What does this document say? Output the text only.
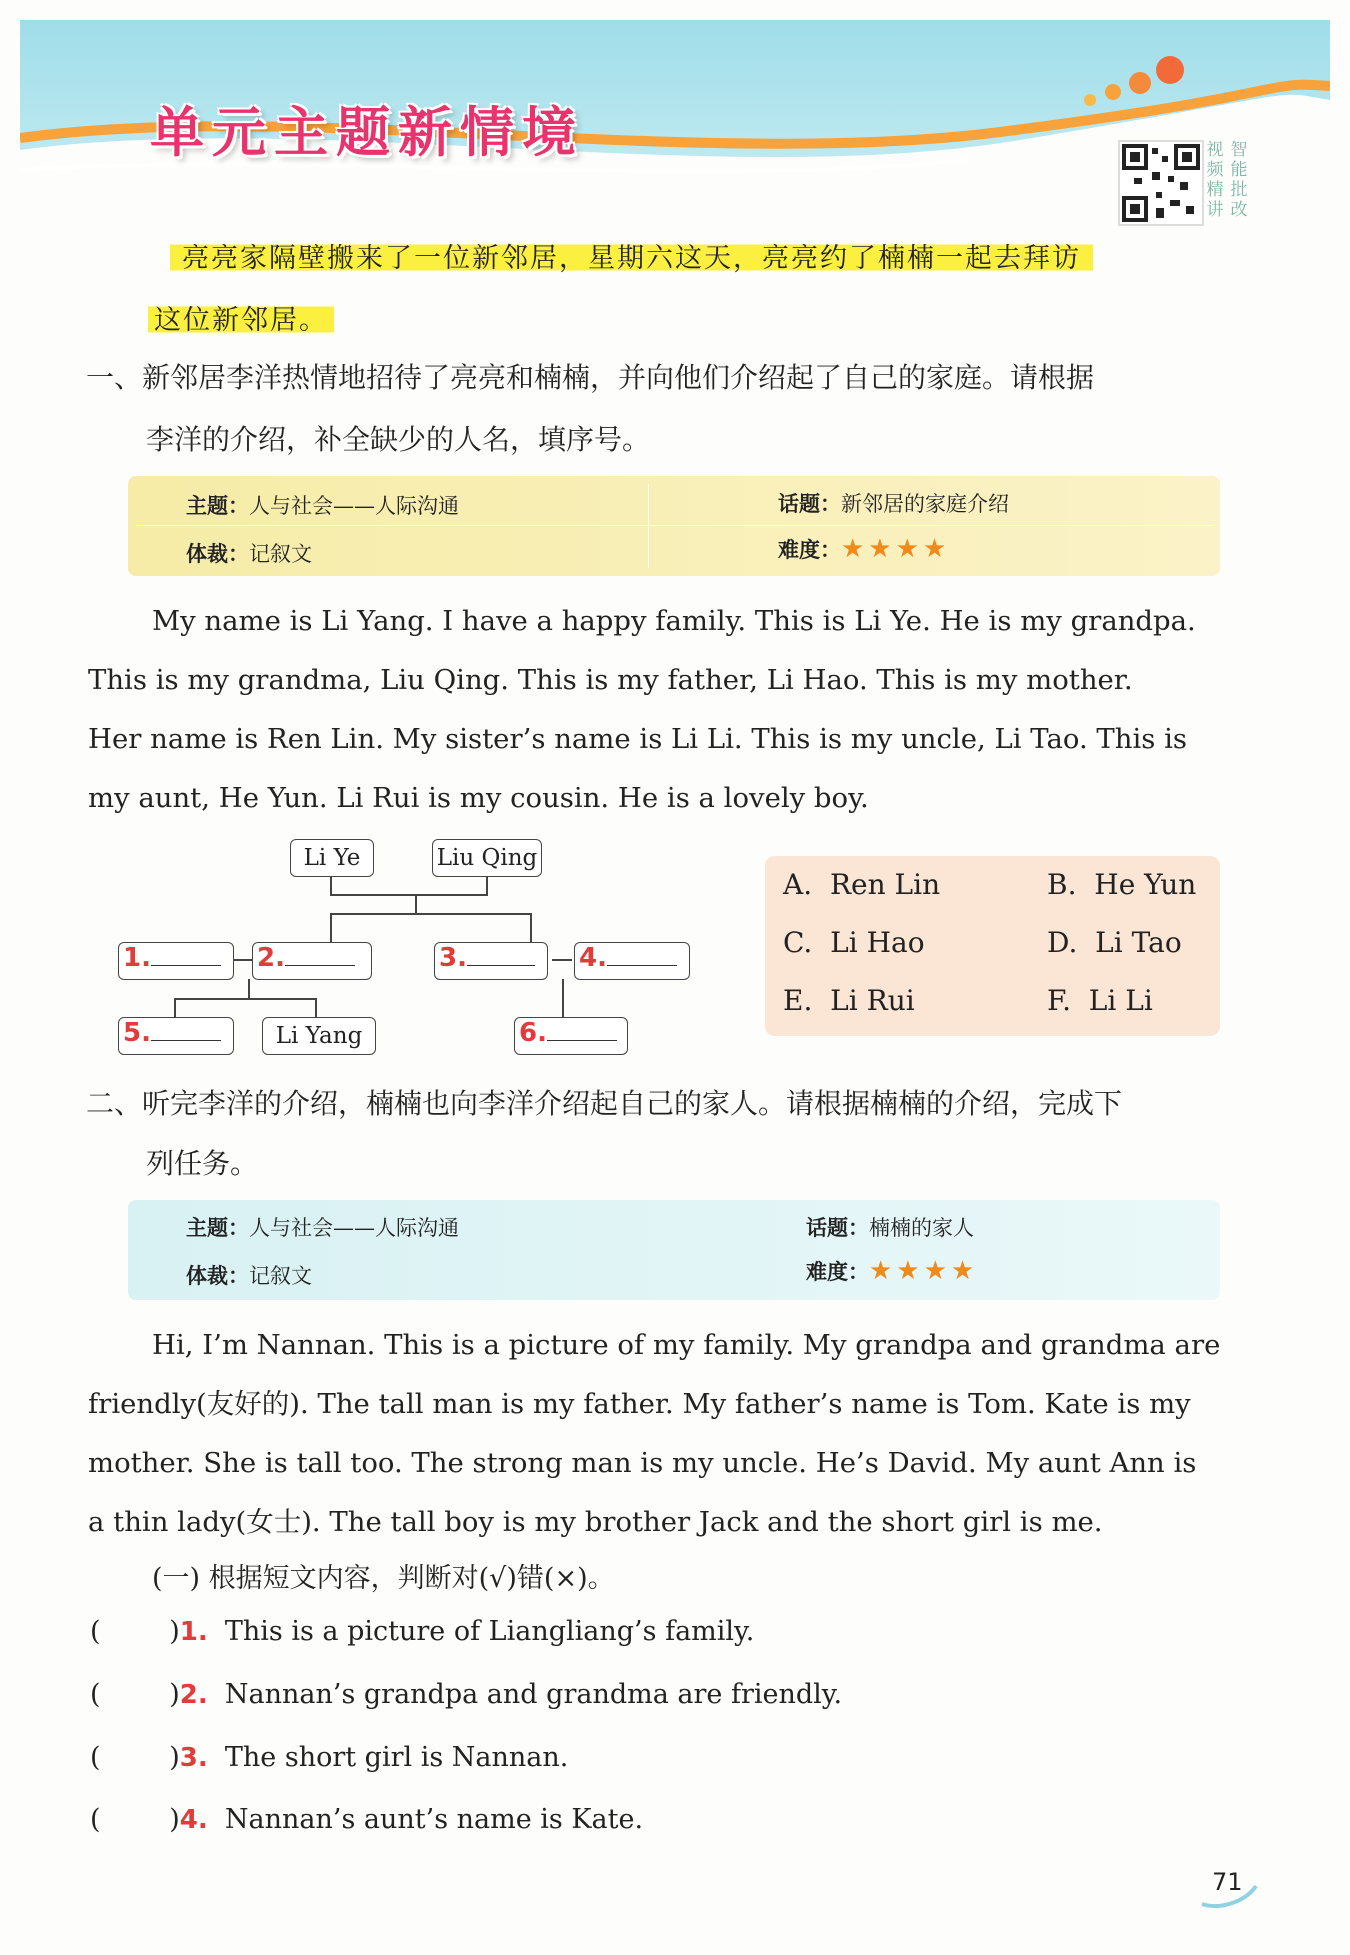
单元主题新情境	视
频
精
讲
智
能
批
改
亮亮家隔壁搬来了一位新邻居，星期六这天，亮亮约了楠楠一起去拜访
这位新邻居。
一、新邻居李洋热情地招待了亮亮和楠楠，并向他们介绍起了自己的家庭。请根据
李洋的介绍，补全缺少的人名，填序号。
主题：人与社会——人际沟通	话题：新邻居的家庭介绍
体裁：记叙文	难度：★★★★
My name is Li Yang. I have a happy family. This is Li Ye. He is my grandpa.
This is my grandma, Liu Qing. This is my father, Li Hao. This is my mother.
Her name is Ren Lin. My sister’s name is Li Li. This is my uncle, Li Tao. This is
my aunt, He Yun. Li Rui is my cousin. He is a lovely boy.
Li Ye	Liu Qing
1.	2.	3.	4.
5.	Li Yang	6.
A. Ren Lin	B. He Yun
C. Li Hao	D. Li Tao
E. Li Rui	F. Li Li
二、听完李洋的介绍，楠楠也向李洋介绍起自己的家人。请根据楠楠的介绍，完成下
列任务。
主题：人与社会——人际沟通	话题：楠楠的家人
体裁：记叙文	难度：★★★★
Hi, I’m Nannan. This is a picture of my family. My grandpa and grandma are
friendly(友好的). The tall man is my father. My father’s name is Tom. Kate is my
mother. She is tall too. The strong man is my uncle. He’s David. My aunt Ann is
a thin lady(女士). The tall boy is my brother Jack and the short girl is me.
(一) 根据短文内容，判断对(√)错(×)。
(        )1. This is a picture of Liangliang’s family.
(        )2. Nannan’s grandpa and grandma are friendly.
(        )3. The short girl is Nannan.
(        )4. Nannan’s aunt’s name is Kate.
71
